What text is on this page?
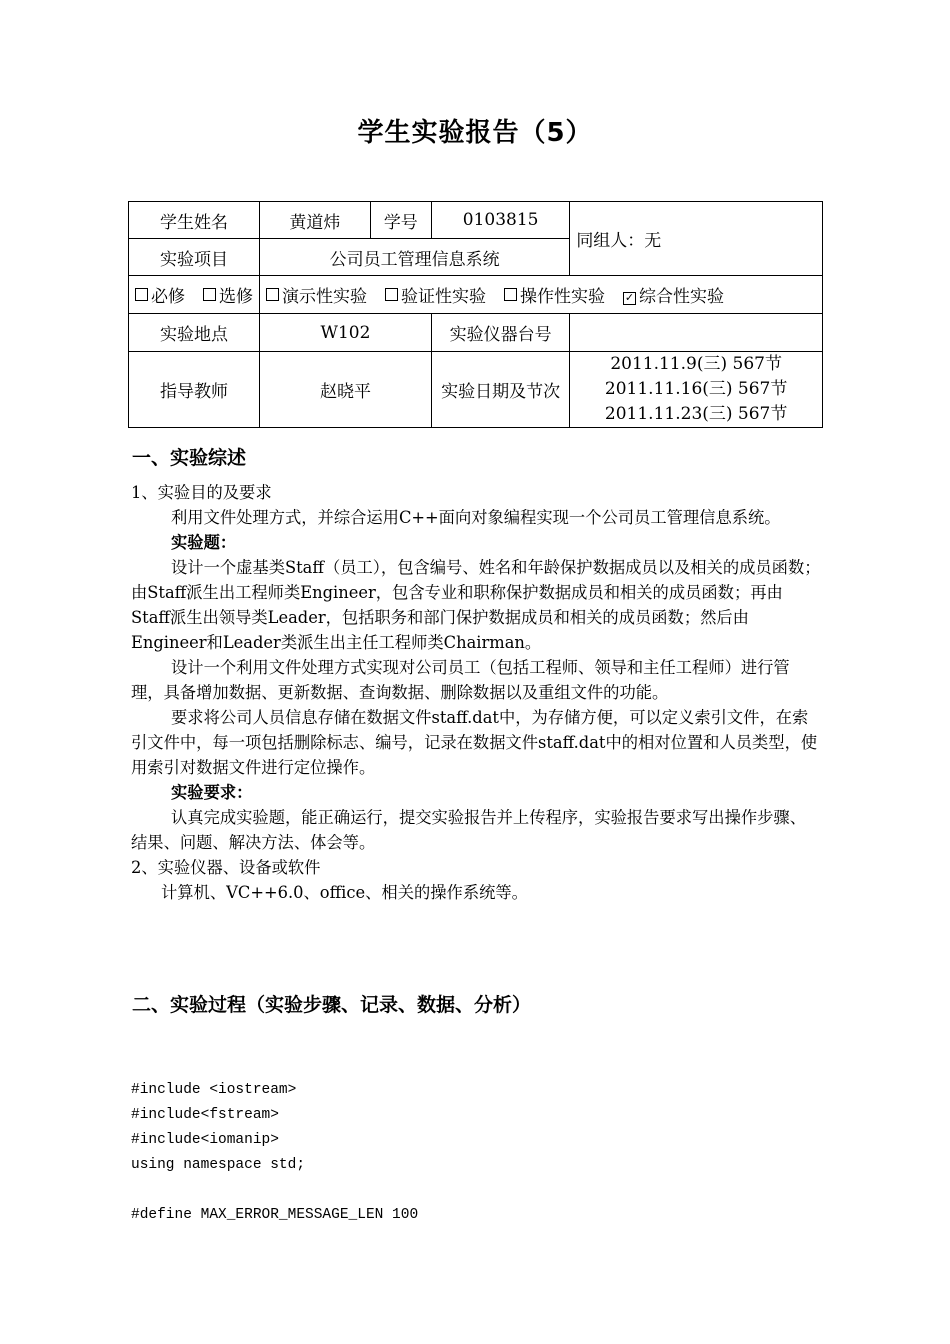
学生实验报告（5）
学生姓名	黄道炜	学号	0103815	同组人：无
实验项目	公司员工管理信息系统			
必修 选修	演示性实验 验证性实验 操作性实验 ✓ 综合性实验			
实验地点	W102		实验仪器台号	
指导教师	赵晓平		实验日期及节次	2011.11.9(三) 567节
2011.11.16(三) 567节
2011.11.23(三) 567节
一、实验综述

1、实验目的及要求

利用文件处理方式，并综合运用C++面向对象编程实现一个公司员工管理信息系统。

实验题：

设计一个虚基类Staff（员工），包含编号、姓名和年龄保护数据成员以及相关的成员函数；由Staff派生出工程师类Engineer，包含专业和职称保护数据成员和相关的成员函数；再由Staff派生出领导类Leader，包括职务和部门保护数据成员和相关的成员函数；然后由Engineer和Leader类派生出主任工程师类Chairman。

设计一个利用文件处理方式实现对公司员工（包括工程师、领导和主任工程师）进行管理，具备增加数据、更新数据、查询数据、删除数据以及重组文件的功能。

要求将公司人员信息存储在数据文件staff.dat中，为存储方便，可以定义索引文件，在索引文件中，每一项包括删除标志、编号，记录在数据文件staff.dat中的相对位置和人员类型，使用索引对数据文件进行定位操作。

实验要求：

认真完成实验题，能正确运行，提交实验报告并上传程序，实验报告要求写出操作步骤、结果、问题、解决方法、体会等。

2、实验仪器、设备或软件

计算机、VC++6.0、office、相关的操作系统等。

二、实验过程（实验步骤、记录、数据、分析）
#include <iostream>
#include<fstream>
#include<iomanip>
using namespace std;

#define MAX_ERROR_MESSAGE_LEN 100
